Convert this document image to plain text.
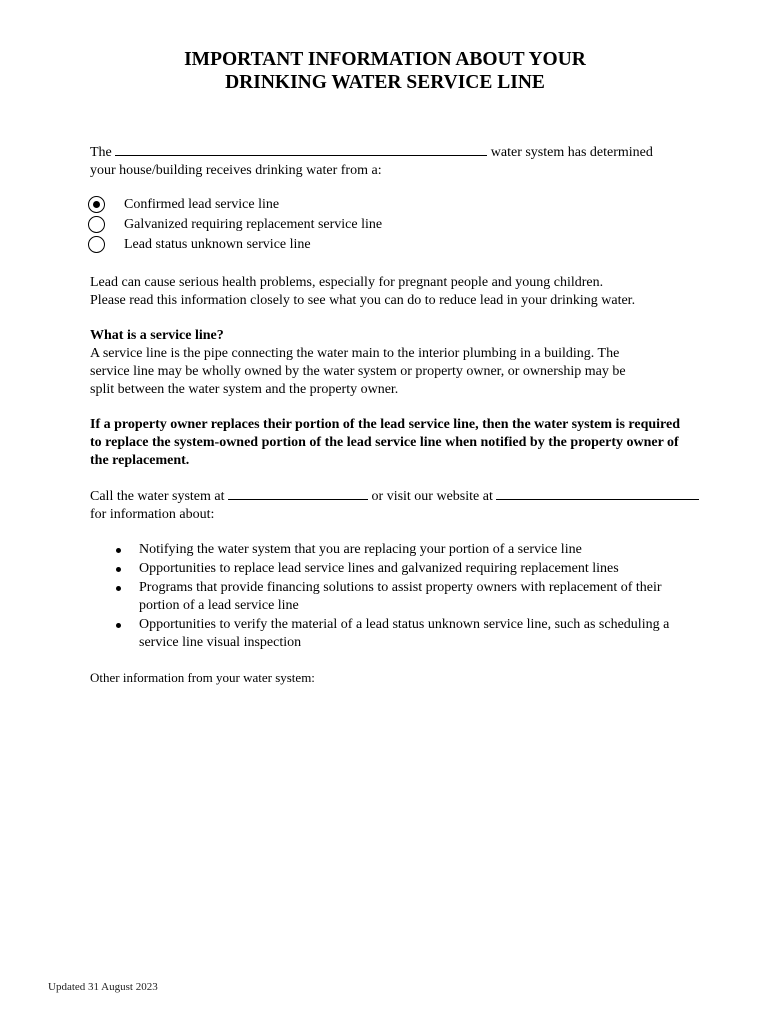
IMPORTANT INFORMATION ABOUT YOUR
DRINKING WATER SERVICE LINE
The	water system has determined
your house/building receives drinking water from a:
Confirmed lead service line
Galvanized requiring replacement service line
Lead status unknown service line
Lead can cause serious health problems, especially for pregnant people and young children.
Please read this information closely to see what you can do to reduce lead in your drinking water.
What is a service line?
A service line is the pipe connecting the water main to the interior plumbing in a building. The
service line may be wholly owned by the water system or property owner, or ownership may be
split between the water system and the property owner.
If a property owner replaces their portion of the lead service line, then the water system is required
to replace the system-owned portion of the lead service line when notified by the property owner of
the replacement.
Call the water system at	or visit our website at
for information about:
Notifying the water system that you are replacing your portion of a service line
Opportunities to replace lead service lines and galvanized requiring replacement lines
Programs that provide financing solutions to assist property owners with replacement of their
portion of a lead service line
Opportunities to verify the material of a lead status unknown service line, such as scheduling a
service line visual inspection
Other information from your water system:
Updated 31 August 2023
